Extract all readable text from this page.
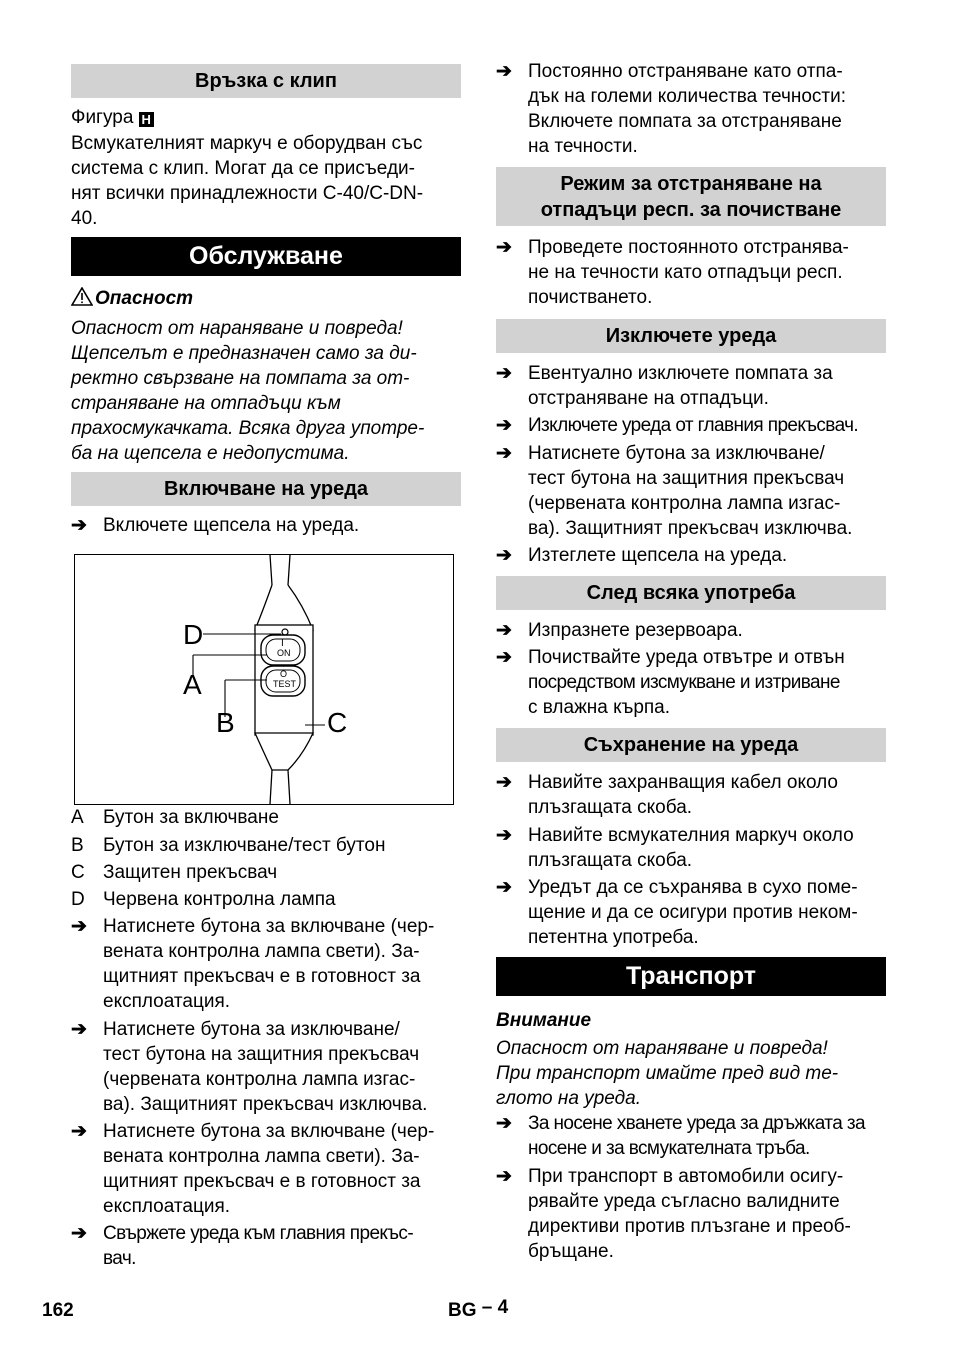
Връзка с клип
Фигура H
Всмукателният маркуч е оборудван със
система с клип. Могат да се присъеди-
нят всички принадлежности С-40/С-DN-
40.
Обслужване
Опасност
Опасност от нараняване и повреда!
Щепселът е предназначен само за ди-
ректно свързване на помпата за от-
страняване на отпадъци към
прахосмукачката. Всяка друга употре-
ба на щепсела е недопустима.
Включване на уреда
➔ Включете щепсела на уреда.
I
ON
O
TEST
D
A
B	C
A	Бутон за включване
B	Бутон за изключване/тест бутон
C Защитен прекъсвач
D Червена контролна лампа
➔ Натиснете бутона за включване (чер-
вената контролна лампа свети). За-
щитният прекъсвач е в готовност за
експлоатация.
➔ Натиснете бутона за изключване/
тест бутона на защитния прекъсвач
(червената контролна лампа изгас-
ва). Защитният прекъсвач изключва.
➔ Натиснете бутона за включване (чер-
вената контролна лампа свети). За-
щитният прекъсвач е в готовност за
експлоатация.
➔ Свържете уреда към главния прекъс-
вач.
➔ Постоянно отстраняване като отпа-
дък на големи количества течности:
Включете помпата за отстраняване
на течности.
Режим за отстраняване на
отпадъци респ. за почистване
➔ Проведете постоянното отстранява-
не на течности като отпадъци респ.
почистването.
Изключете уреда
➔ Евентуално изключете помпата за
отстраняване на отпадъци.
➔ Изключете уреда от главния прекъсвач.
➔ Натиснете бутона за изключване/
тест бутона на защитния прекъсвач
(червената контролна лампа изгас-
ва). Защитният прекъсвач изключва.
➔ Изтеглете щепсела на уреда.
След всяка употреба
➔ Изпразнете резервоара.
➔ Почиствайте уреда отвътре и отвън
посредством изсмукване и изтриване
с влажна кърпа.
Съхранение на уреда
➔ Навийте захранващия кабел около
плъзгащата скоба.
➔ Навийте всмукателния маркуч около
плъзгащата скоба.
➔ Уредът да се съхранява в сухо поме-
щение и да се осигури против неком-
петентна употреба.
Транспорт
Внимание
Опасност от нараняване и повреда!
При транспорт имайте пред вид те-
глото на уреда.
➔ За носене хванете уреда за дръжката за
носене и за всмукателната тръба.
➔ При транспорт в автомобили осигу-
рявайте уреда съгласно валидните
директиви против плъзгане и преоб-
бръщане.
162	BG – 4
